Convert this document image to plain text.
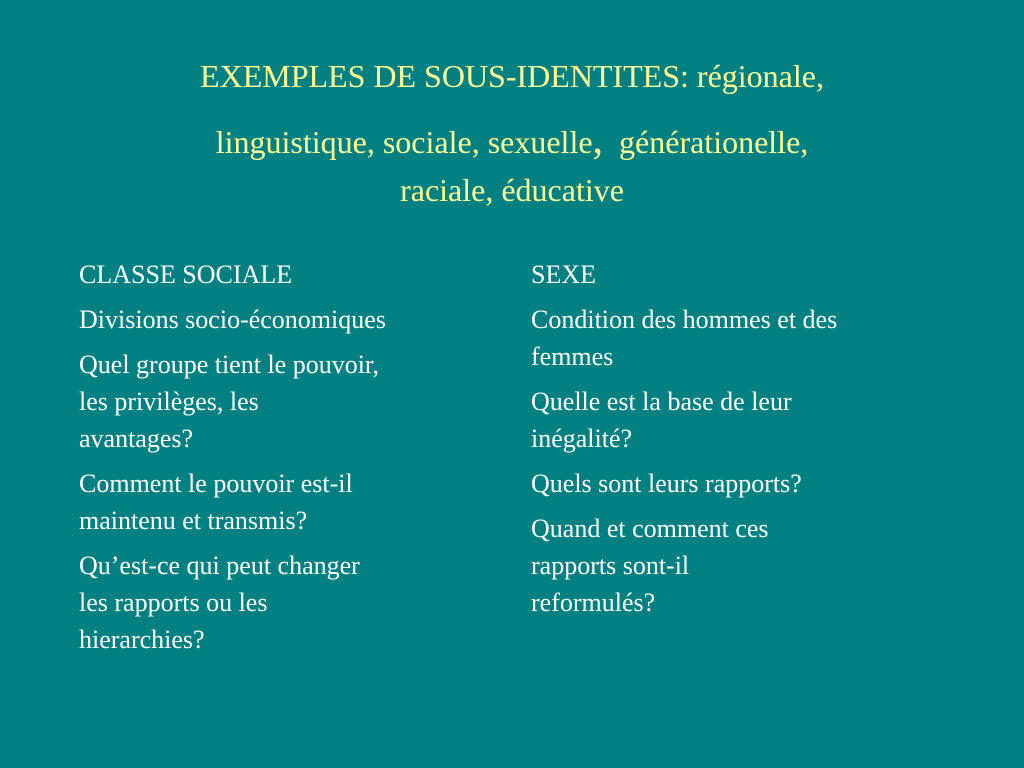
EXEMPLES DE SOUS-IDENTITES: régionale,
linguistique, sociale, sexuelle,  générationelle,
raciale, éducative
CLASSE SOCIALE
Divisions socio-économiques
Quel groupe tient le pouvoir,
les privilèges, les
avantages?
Comment le pouvoir est-il
maintenu et transmis?
Qu’est-ce qui peut changer
les rapports ou les
hierarchies?
SEXE
Condition des hommes et des
femmes
Quelle est la base de leur
inégalité?
Quels sont leurs rapports?
Quand et comment ces
rapports sont-il
reformulés?
